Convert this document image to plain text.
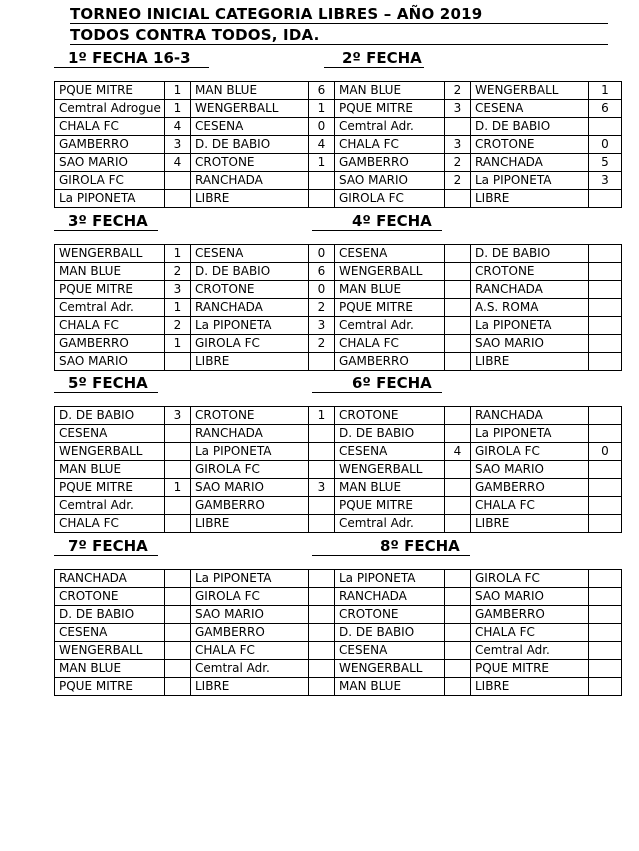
TORNEO INICIAL CATEGORIA LIBRES – AÑO 2019
TODOS CONTRA TODOS, IDA.
1º FECHA 16-3	2º FECHA
PQUE MITRE	1	MAN BLUE	6	MAN BLUE	2	WENGERBALL	1
Cemtral Adrogue	1	WENGERBALL	1	PQUE MITRE	3	CESENA	6
CHALA FC	4	CESENA	0	Cemtral Adr.		D. DE BABIO	
GAMBERRO	3	D. DE BABIO	4	CHALA FC	3	CROTONE	0
SAO MARIO	4	CROTONE	1	GAMBERRO	2	RANCHADA	5
GIROLA FC		RANCHADA		SAO MARIO	2	La PIPONETA	3
La PIPONETA		LIBRE		GIROLA FC		LIBRE	
3º FECHA	4º FECHA
WENGERBALL	1	CESENA	0	CESENA		D. DE BABIO	
MAN BLUE	2	D. DE BABIO	6	WENGERBALL		CROTONE	
PQUE MITRE	3	CROTONE	0	MAN BLUE		RANCHADA	
Cemtral Adr.	1	RANCHADA	2	PQUE MITRE		A.S. ROMA	
CHALA FC	2	La PIPONETA	3	Cemtral Adr.		La PIPONETA	
GAMBERRO	1	GIROLA FC	2	CHALA FC		SAO MARIO	
SAO MARIO		LIBRE		GAMBERRO		LIBRE	
5º FECHA	6º FECHA
D. DE BABIO	3	CROTONE	1	CROTONE		RANCHADA	
CESENA		RANCHADA		D. DE BABIO		La PIPONETA	
WENGERBALL		La PIPONETA		CESENA	4	GIROLA FC	0
MAN BLUE		GIROLA FC		WENGERBALL		SAO MARIO	
PQUE MITRE	1	SAO MARIO	3	MAN BLUE		GAMBERRO	
Cemtral Adr.		GAMBERRO		PQUE MITRE		CHALA FC	
CHALA FC		LIBRE		Cemtral Adr.		LIBRE	
7º FECHA	8º FECHA
RANCHADA		La PIPONETA		La PIPONETA		GIROLA FC	
CROTONE		GIROLA FC		RANCHADA		SAO MARIO	
D. DE BABIO		SAO MARIO		CROTONE		GAMBERRO	
CESENA		GAMBERRO		D. DE BABIO		CHALA FC	
WENGERBALL		CHALA FC		CESENA		Cemtral Adr.	
MAN BLUE		Cemtral Adr.		WENGERBALL		PQUE MITRE	
PQUE MITRE		LIBRE		MAN BLUE		LIBRE	
